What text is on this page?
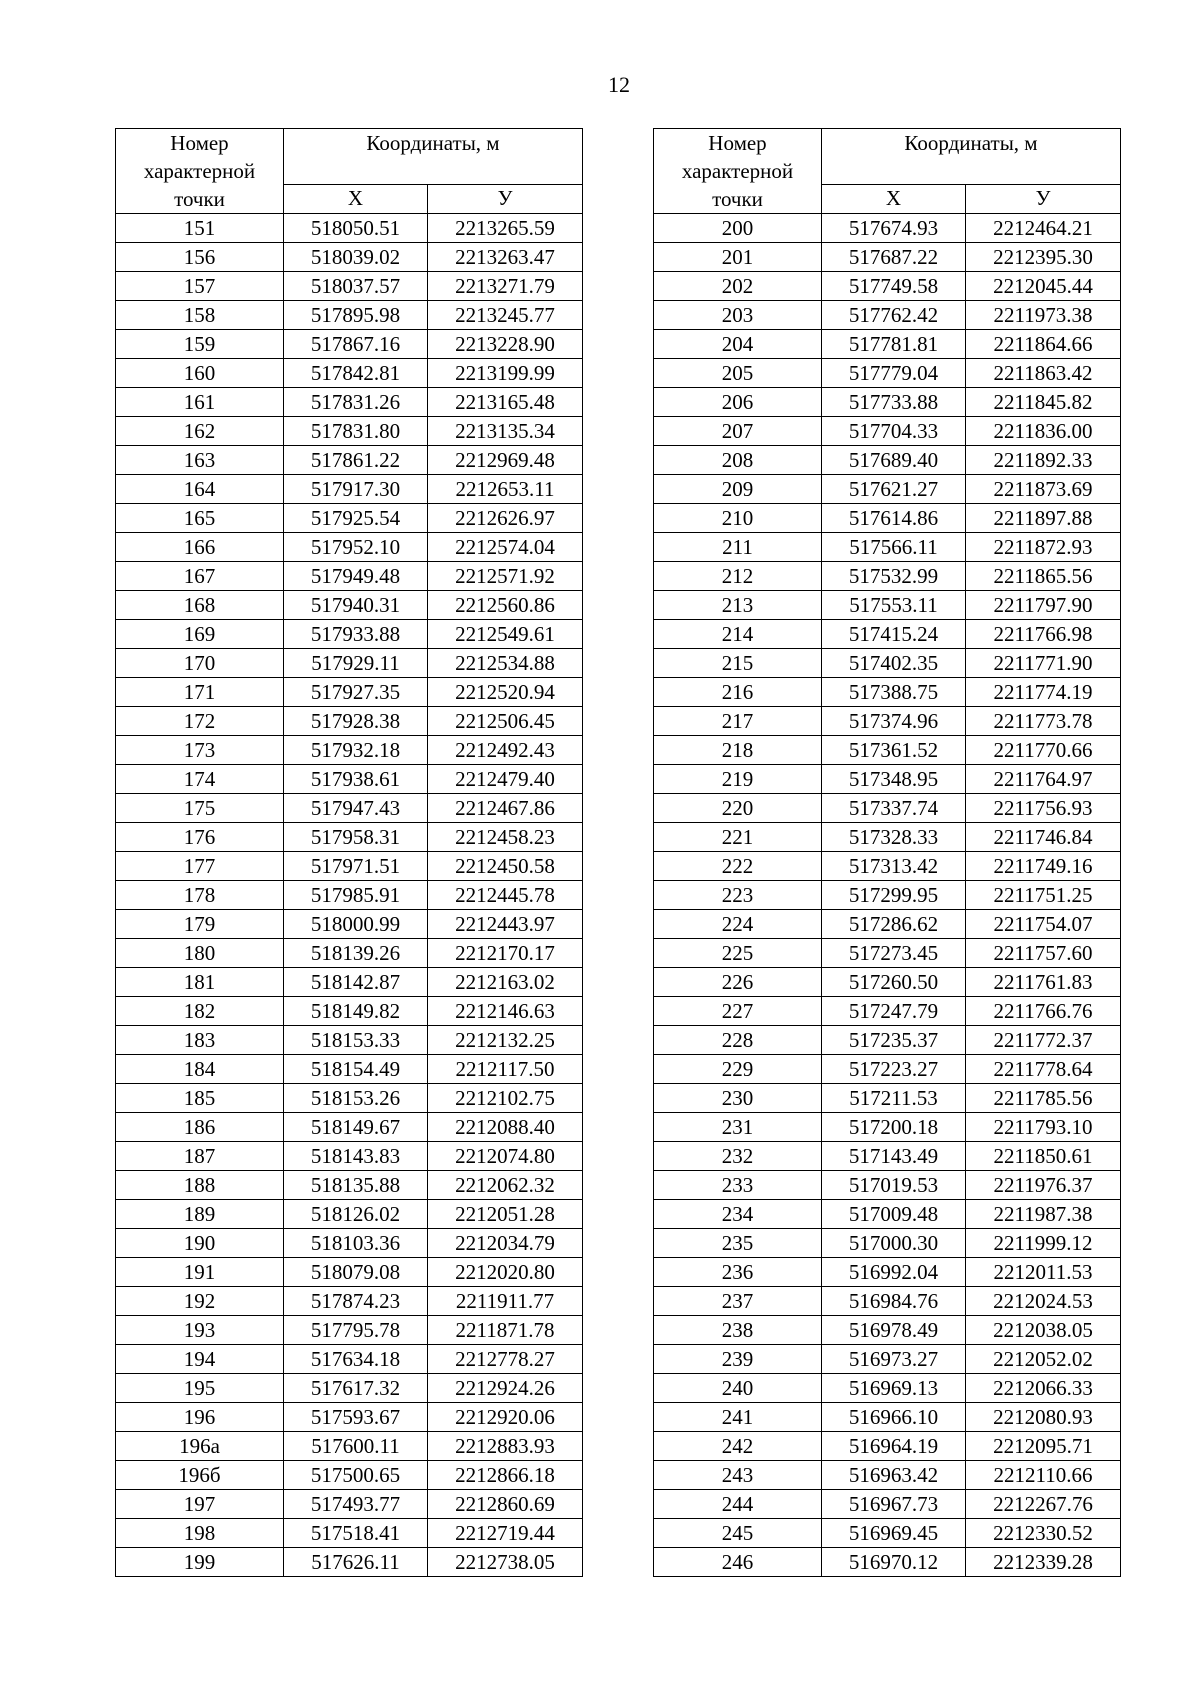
12
Номер
характерной
точки	Координаты, м	
	Х	У
151	518050.51	2213265.59
156	518039.02	2213263.47
157	518037.57	2213271.79
158	517895.98	2213245.77
159	517867.16	2213228.90
160	517842.81	2213199.99
161	517831.26	2213165.48
162	517831.80	2213135.34
163	517861.22	2212969.48
164	517917.30	2212653.11
165	517925.54	2212626.97
166	517952.10	2212574.04
167	517949.48	2212571.92
168	517940.31	2212560.86
169	517933.88	2212549.61
170	517929.11	2212534.88
171	517927.35	2212520.94
172	517928.38	2212506.45
173	517932.18	2212492.43
174	517938.61	2212479.40
175	517947.43	2212467.86
176	517958.31	2212458.23
177	517971.51	2212450.58
178	517985.91	2212445.78
179	518000.99	2212443.97
180	518139.26	2212170.17
181	518142.87	2212163.02
182	518149.82	2212146.63
183	518153.33	2212132.25
184	518154.49	2212117.50
185	518153.26	2212102.75
186	518149.67	2212088.40
187	518143.83	2212074.80
188	518135.88	2212062.32
189	518126.02	2212051.28
190	518103.36	2212034.79
191	518079.08	2212020.80
192	517874.23	2211911.77
193	517795.78	2211871.78
194	517634.18	2212778.27
195	517617.32	2212924.26
196	517593.67	2212920.06
196а	517600.11	2212883.93
196б	517500.65	2212866.18
197	517493.77	2212860.69
198	517518.41	2212719.44
199	517626.11	2212738.05
Номер
характерной
точки	Координаты, м	
	Х	У
200	517674.93	2212464.21
201	517687.22	2212395.30
202	517749.58	2212045.44
203	517762.42	2211973.38
204	517781.81	2211864.66
205	517779.04	2211863.42
206	517733.88	2211845.82
207	517704.33	2211836.00
208	517689.40	2211892.33
209	517621.27	2211873.69
210	517614.86	2211897.88
211	517566.11	2211872.93
212	517532.99	2211865.56
213	517553.11	2211797.90
214	517415.24	2211766.98
215	517402.35	2211771.90
216	517388.75	2211774.19
217	517374.96	2211773.78
218	517361.52	2211770.66
219	517348.95	2211764.97
220	517337.74	2211756.93
221	517328.33	2211746.84
222	517313.42	2211749.16
223	517299.95	2211751.25
224	517286.62	2211754.07
225	517273.45	2211757.60
226	517260.50	2211761.83
227	517247.79	2211766.76
228	517235.37	2211772.37
229	517223.27	2211778.64
230	517211.53	2211785.56
231	517200.18	2211793.10
232	517143.49	2211850.61
233	517019.53	2211976.37
234	517009.48	2211987.38
235	517000.30	2211999.12
236	516992.04	2212011.53
237	516984.76	2212024.53
238	516978.49	2212038.05
239	516973.27	2212052.02
240	516969.13	2212066.33
241	516966.10	2212080.93
242	516964.19	2212095.71
243	516963.42	2212110.66
244	516967.73	2212267.76
245	516969.45	2212330.52
246	516970.12	2212339.28
